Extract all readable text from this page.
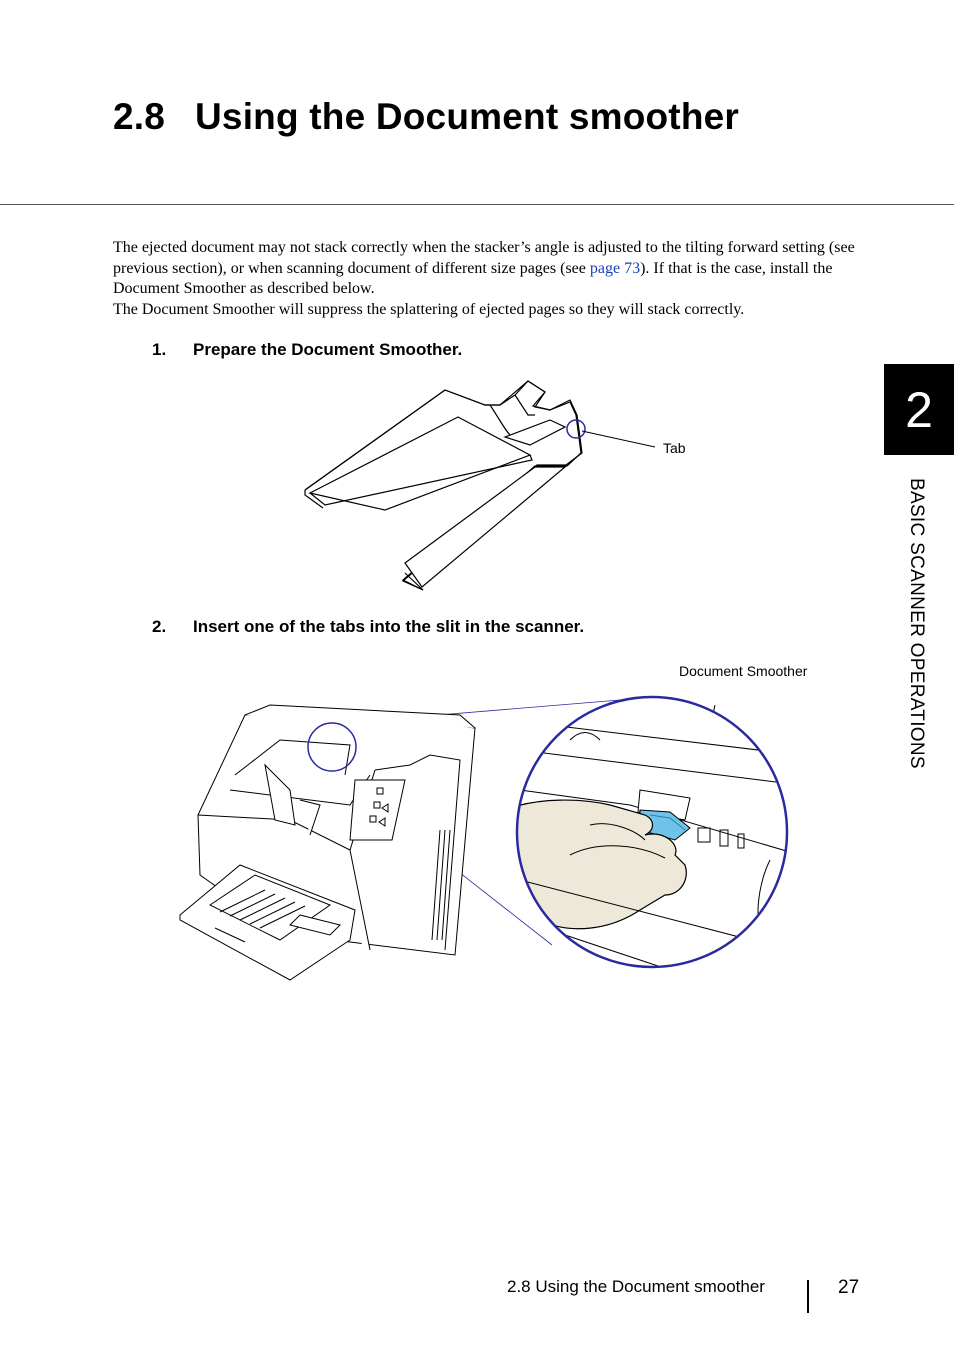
2.8 Using the Document smoother

The ejected document may not stack correctly when the stacker’s angle is adjusted to the tilting forward setting (see previous section), or when scanning document of different size pages (see page 73). If that is the case, install the Document Smoother as described below.

The Document Smoother will suppress the splattering of ejected pages so they will stack correctly.

1. Prepare the Document Smoother.
Tab
2. Insert one of the tabs into the slit in the scanner.
Document Smoother
2
BASIC SCANNER OPERATIONS
2.8 Using the Document smoother	27
